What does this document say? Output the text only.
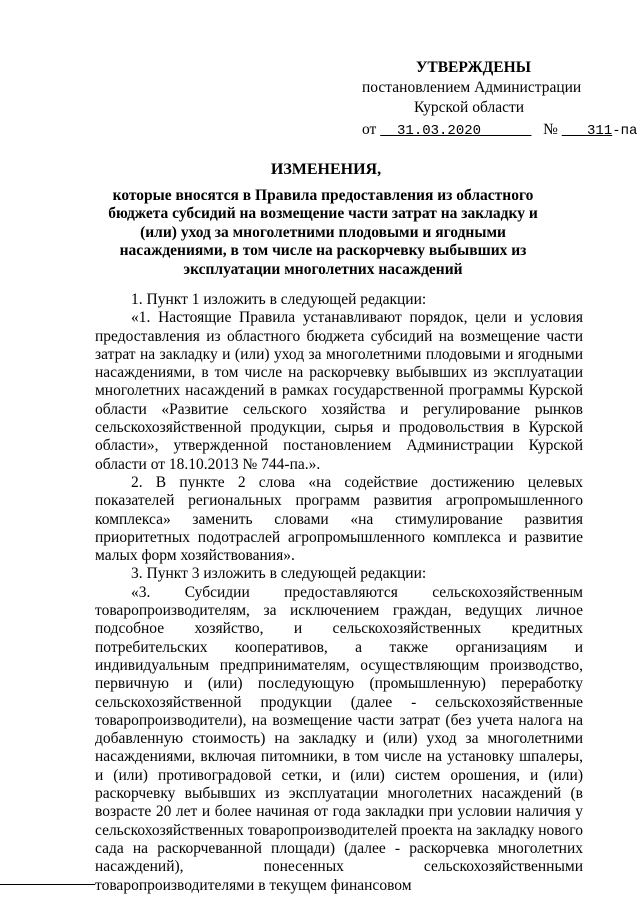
УТВЕРЖДЕНЫ
постановлением Администрации
Курской области
от 31.03.2020	№ 311-па
ИЗМЕНЕНИЯ,
которые вносятся в Правила предоставления из областного бюджета субсидий на возмещение части затрат на закладку и (или) уход за многолетними плодовыми и ягодными насаждениями, в том числе на раскорчевку выбывших из эксплуатации многолетних насаждений

1. Пункт 1 изложить в следующей редакции:

«1. Настоящие Правила устанавливают порядок, цели и условия предоставления из областного бюджета субсидий на возмещение части затрат на закладку и (или) уход за многолетними плодовыми и ягодными насаждениями, в том числе на раскорчевку выбывших из эксплуатации многолетних насаждений в рамках государственной программы Курской области «Развитие сельского хозяйства и регулирование рынков сельскохозяйственной продукции, сырья и продовольствия в Курской области», утвержденной постановлением Администрации Курской области от 18.10.2013 № 744-па.».

2. В пункте 2 слова «на содействие достижению целевых показателей региональных программ развития агропромышленного комплекса» заменить словами «на стимулирование развития приоритетных подотраслей агропромышленного комплекса и развитие малых форм хозяйствования».

3. Пункт 3 изложить в следующей редакции:

«3. Субсидии предоставляются сельскохозяйственным товаропроизводителям, за исключением граждан, ведущих личное подсобное хозяйство, и сельскохозяйственных кредитных потребительских кооперативов, а также организациям и индивидуальным предпринимателям, осуществляющим производство, первичную и (или) последующую (промышленную) переработку сельскохозяйственной продукции (далее - сельскохозяйственные товаропроизводители), на возмещение части затрат (без учета налога на добавленную стоимость) на закладку и (или) уход за многолетними насаждениями, включая питомники, в том числе на установку шпалеры, и (или) противоградовой сетки, и (или) систем орошения, и (или) раскорчевку выбывших из эксплуатации многолетних насаждений (в возрасте 20 лет и более начиная от года закладки при условии наличия у сельскохозяйственных товаропроизводителей проекта на закладку нового сада на раскорчеванной площади) (далее - раскорчевка многолетних насаждений), понесенных сельскохозяйственными товаропроизводителями в текущем финансовом
